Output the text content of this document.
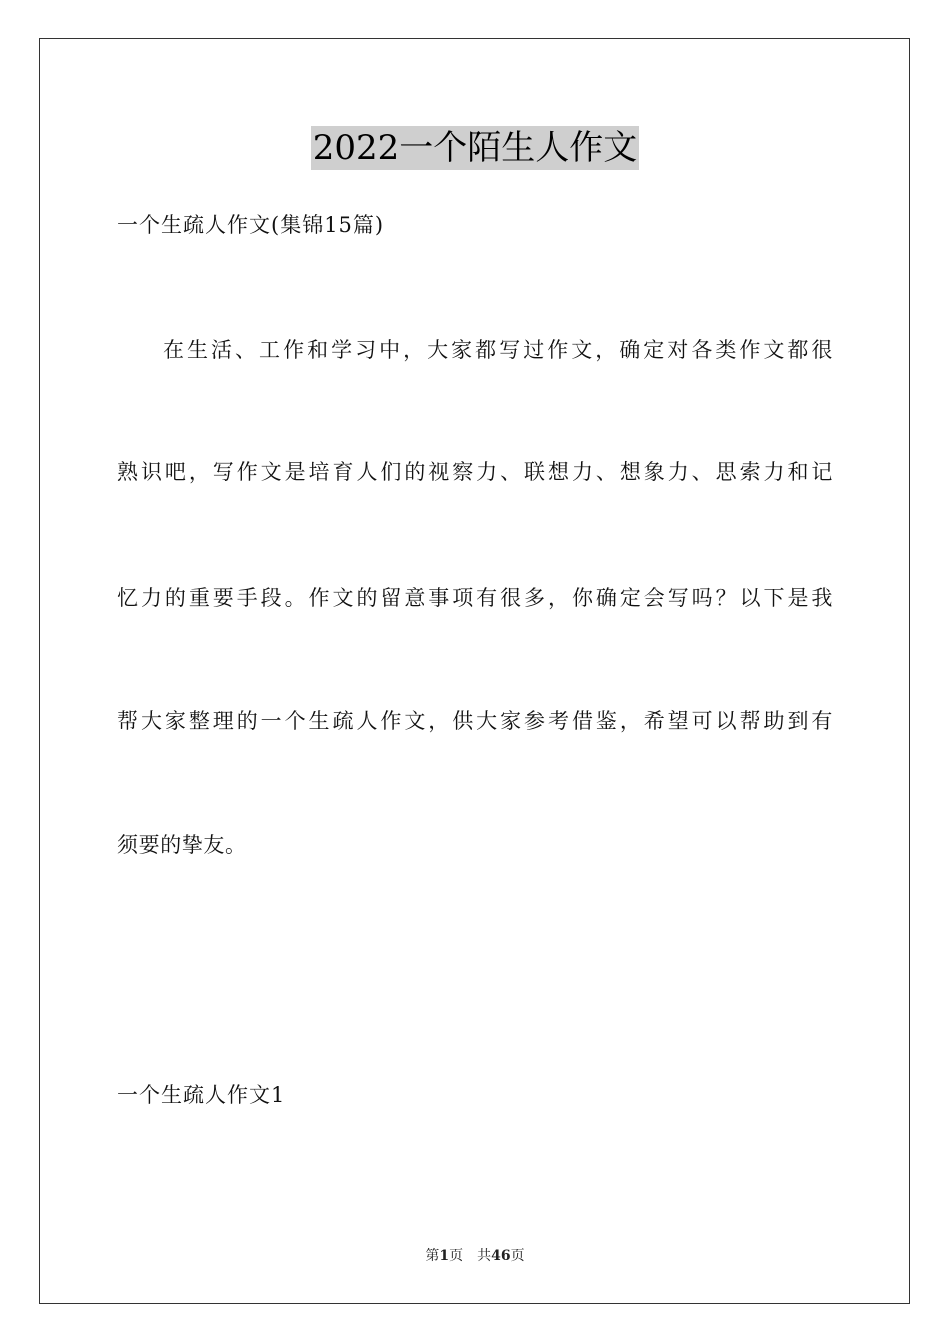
2022一个陌生人作文
一个生疏人作文(集锦15篇)
在生活、工作和学习中，大家都写过作文，确定对各类作文都很
熟识吧，写作文是培育人们的视察力、联想力、想象力、思索力和记
忆力的重要手段。作文的留意事项有很多，你确定会写吗？以下是我
帮大家整理的一个生疏人作文，供大家参考借鉴，希望可以帮助到有
须要的挚友。
一个生疏人作文1
第1页 共46页
